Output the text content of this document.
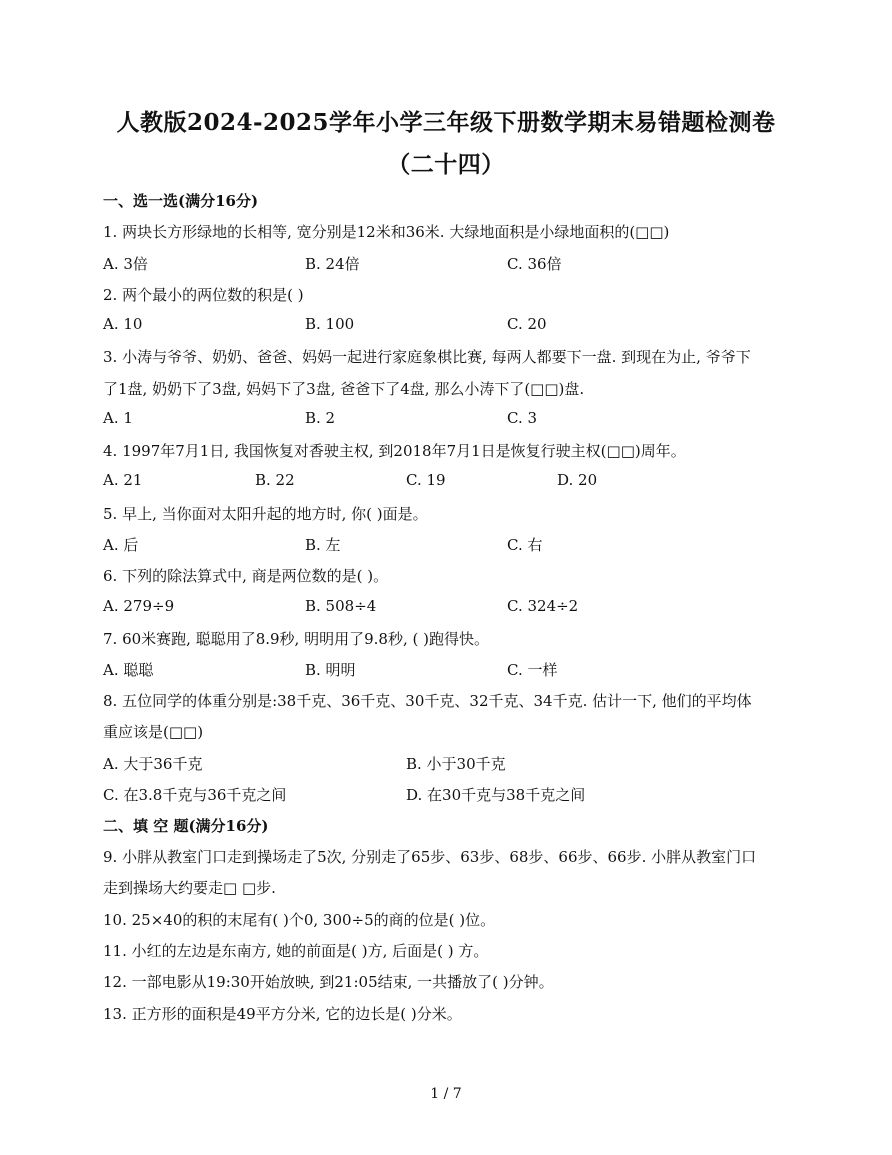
人教版2024-2025学年小学三年级下册数学期末易错题检测卷
（二十四）
一、选一选(满分16分)
1. 两块长方形绿地的长相等, 宽分别是12米和36米. 大绿地面积是小绿地面积的(□□)
A. 3倍	B. 24倍	C. 36倍
2. 两个最小的两位数的积是( )
A. 10	B. 100	C. 20
3. 小涛与爷爷、奶奶、爸爸、妈妈一起进行家庭象棋比赛, 每两人都要下一盘. 到现在为止, 爷爷下
了1盘, 奶奶下了3盘, 妈妈下了3盘, 爸爸下了4盘, 那么小涛下了(□□)盘.
A. 1	B. 2	C. 3
4. 1997年7月1日, 我国恢复对香驶主权, 到2018年7月1日是恢复行驶主权(□□)周年。
A. 21	B. 22	C. 19	D. 20
5. 早上, 当你面对太阳升起的地方时, 你( )面是。
A. 后	B. 左	C. 右
6. 下列的除法算式中, 商是两位数的是( )。
A. 279÷9	B. 508÷4	C. 324÷2
7. 60米赛跑, 聪聪用了8.9秒, 明明用了9.8秒, ( )跑得快。
A. 聪聪	B. 明明	C. 一样
8. 五位同学的体重分别是:38千克、36千克、30千克、32千克、34千克. 估计一下, 他们的平均体
重应该是(□□)
A. 大于36千克	B. 小于30千克
C. 在3.8千克与36千克之间	D. 在30千克与38千克之间
二、填 空 题(满分16分)
9. 小胖从教室门口走到操场走了5次, 分别走了65步、63步、68步、66步、66步. 小胖从教室门口
走到操场大约要走□ □步.
10. 25×40的积的末尾有( )个0, 300÷5的商的位是( )位。
11. 小红的左边是东南方, 她的前面是( )方, 后面是( ) 方。
12. 一部电影从19:30开始放映, 到21:05结束, 一共播放了( )分钟。
13. 正方形的面积是49平方分米, 它的边长是( )分米。
1 / 7
